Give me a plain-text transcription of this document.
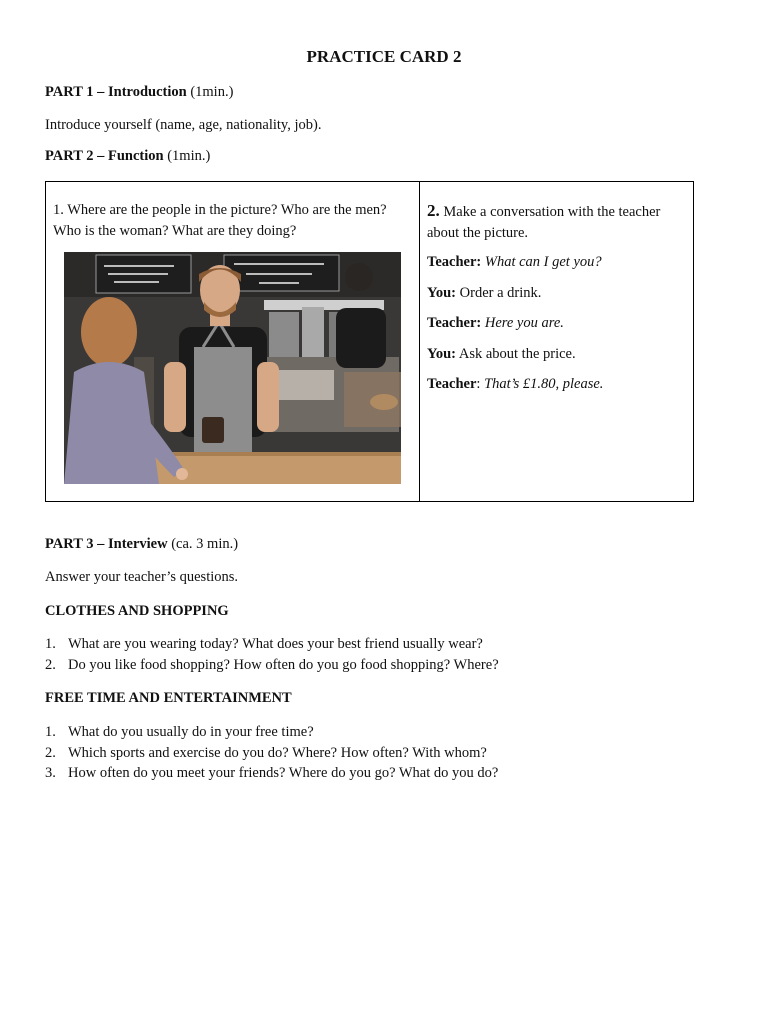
PRACTICE CARD 2
PART 1 – Introduction (1min.)
Introduce yourself (name, age, nationality, job).
PART 2 – Function (1min.)
1. Where are the people in the picture? Who are the men? Who is the woman? What are they doing?
2. Make a conversation with the teacher about the picture.
Teacher: What can I get you?
You: Order a drink.
Teacher: Here you are.
You: Ask about the price.
Teacher: That’s £1.80, please.
PART 3 – Interview (ca. 3 min.)
Answer your teacher’s questions.
CLOTHES AND SHOPPING
1. What are you wearing today? What does your best friend usually wear?
2. Do you like food shopping? How often do you go food shopping? Where?
FREE TIME AND ENTERTAINMENT
1. What do you usually do in your free time?
2. Which sports and exercise do you do? Where? How often? With whom?
3. How often do you meet your friends? Where do you go? What do you do?
